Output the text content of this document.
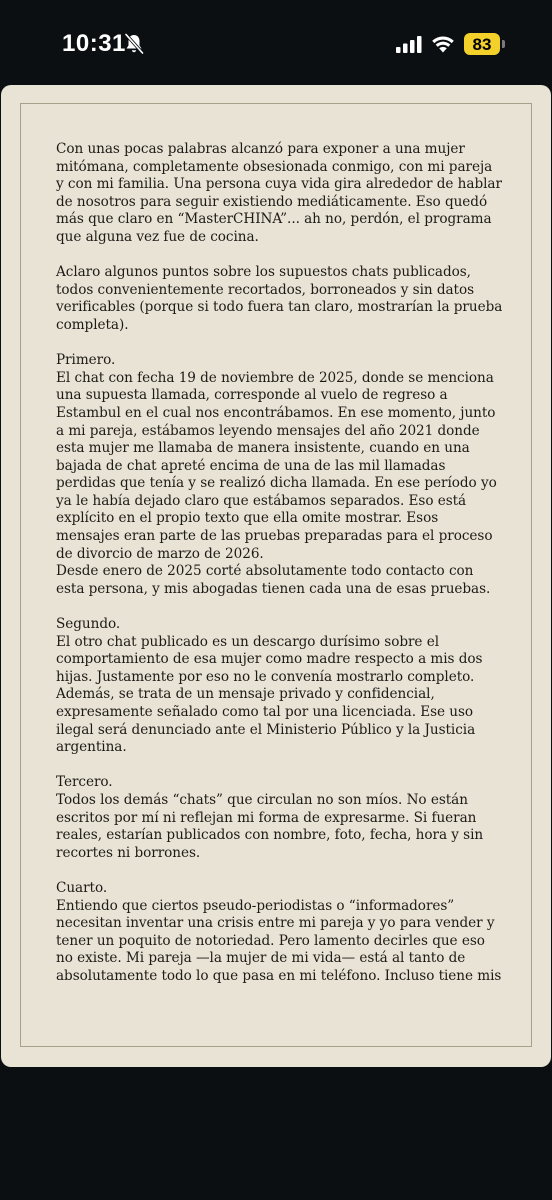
10:31	83

Con unas pocas palabras alcanzó para exponer a una mujer
mitómana, completamente obsesionada conmigo, con mi pareja
y con mi familia. Una persona cuya vida gira alrededor de hablar
de nosotros para seguir existiendo mediáticamente. Eso quedó
más que claro en “MasterCHINA”... ah no, perdón, el programa
que alguna vez fue de cocina.

Aclaro algunos puntos sobre los supuestos chats publicados,
todos convenientemente recortados, borroneados y sin datos
verificables (porque si todo fuera tan claro, mostrarían la prueba
completa).

Primero.
El chat con fecha 19 de noviembre de 2025, donde se menciona
una supuesta llamada, corresponde al vuelo de regreso a
Estambul en el cual nos encontrábamos. En ese momento, junto
a mi pareja, estábamos leyendo mensajes del año 2021 donde
esta mujer me llamaba de manera insistente, cuando en una
bajada de chat apreté encima de una de las mil llamadas
perdidas que tenía y se realizó dicha llamada. En ese período yo
ya le había dejado claro que estábamos separados. Eso está
explícito en el propio texto que ella omite mostrar. Esos
mensajes eran parte de las pruebas preparadas para el proceso
de divorcio de marzo de 2026.
Desde enero de 2025 corté absolutamente todo contacto con
esta persona, y mis abogadas tienen cada una de esas pruebas.

Segundo.
El otro chat publicado es un descargo durísimo sobre el
comportamiento de esa mujer como madre respecto a mis dos
hijas. Justamente por eso no le convenía mostrarlo completo.
Además, se trata de un mensaje privado y confidencial,
expresamente señalado como tal por una licenciada. Ese uso
ilegal será denunciado ante el Ministerio Público y la Justicia
argentina.

Tercero.
Todos los demás “chats” que circulan no son míos. No están
escritos por mí ni reflejan mi forma de expresarme. Si fueran
reales, estarían publicados con nombre, foto, fecha, hora y sin
recortes ni borrones.

Cuarto.
Entiendo que ciertos pseudo-periodistas o “informadores”
necesitan inventar una crisis entre mi pareja y yo para vender y
tener un poquito de notoriedad. Pero lamento decirles que eso
no existe. Mi pareja —la mujer de mi vida— está al tanto de
absolutamente todo lo que pasa en mi teléfono. Incluso tiene mis
